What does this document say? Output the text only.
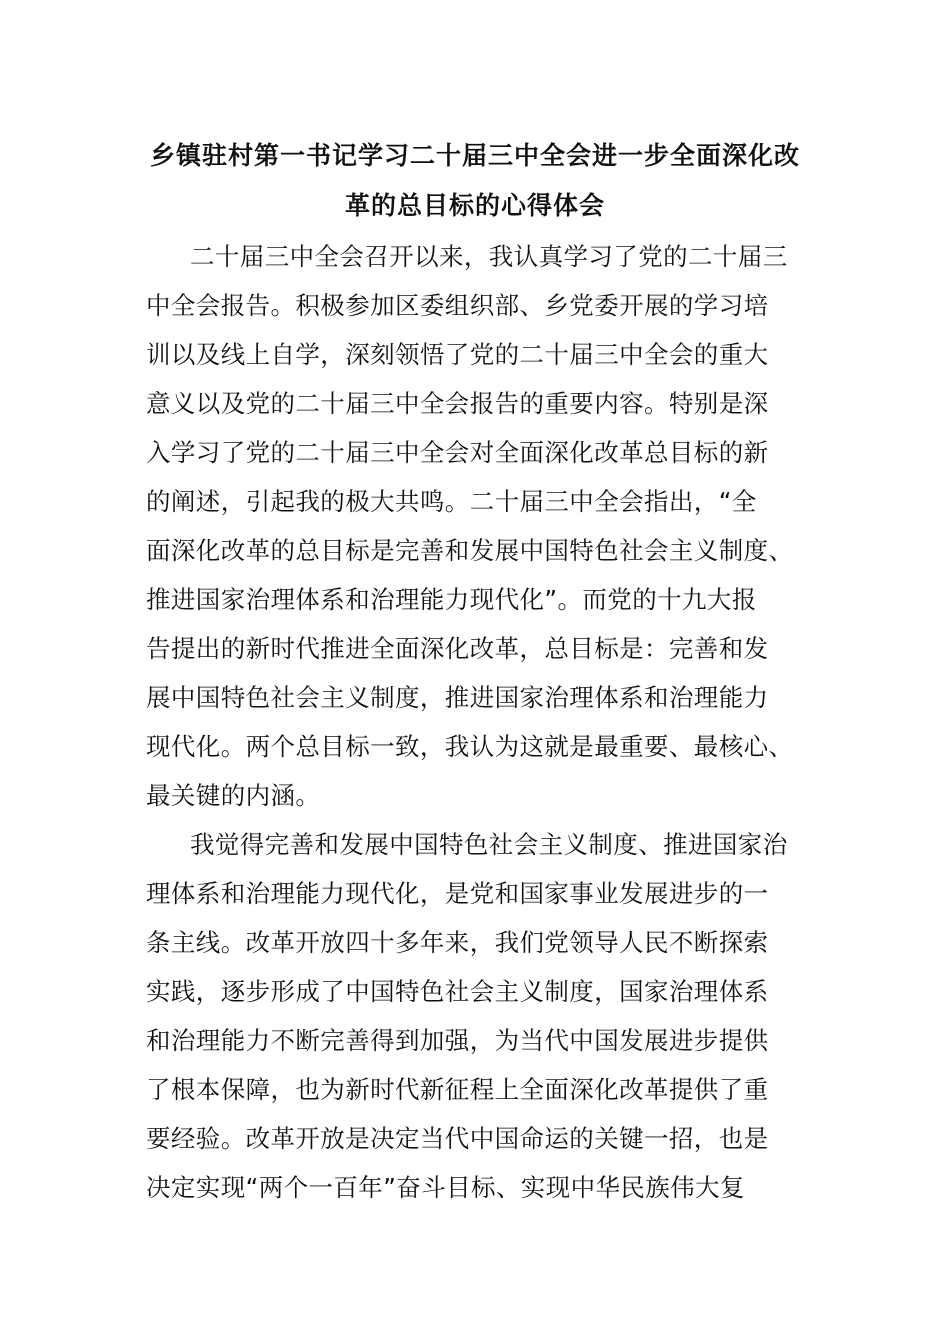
乡镇驻村第一书记学习二十届三中全会进一步全面深化改
革的总目标的心得体会
二十届三中全会召开以来，我认真学习了党的二十届三
中全会报告。积极参加区委组织部、乡党委开展的学习培
训以及线上自学，深刻领悟了党的二十届三中全会的重大
意义以及党的二十届三中全会报告的重要内容。特别是深
入学习了党的二十届三中全会对全面深化改革总目标的新
的阐述，引起我的极大共鸣。二十届三中全会指出，“全
面深化改革的总目标是完善和发展中国特色社会主义制度、
推进国家治理体系和治理能力现代化”。而党的十九大报
告提出的新时代推进全面深化改革，总目标是：完善和发
展中国特色社会主义制度，推进国家治理体系和治理能力
现代化。两个总目标一致，我认为这就是最重要、最核心、
最关键的内涵。
我觉得完善和发展中国特色社会主义制度、推进国家治
理体系和治理能力现代化，是党和国家事业发展进步的一
条主线。改革开放四十多年来，我们党领导人民不断探索
实践，逐步形成了中国特色社会主义制度，国家治理体系
和治理能力不断完善得到加强，为当代中国发展进步提供
了根本保障，也为新时代新征程上全面深化改革提供了重
要经验。改革开放是决定当代中国命运的关键一招，也是
决定实现“两个一百年”奋斗目标、实现中华民族伟大复
